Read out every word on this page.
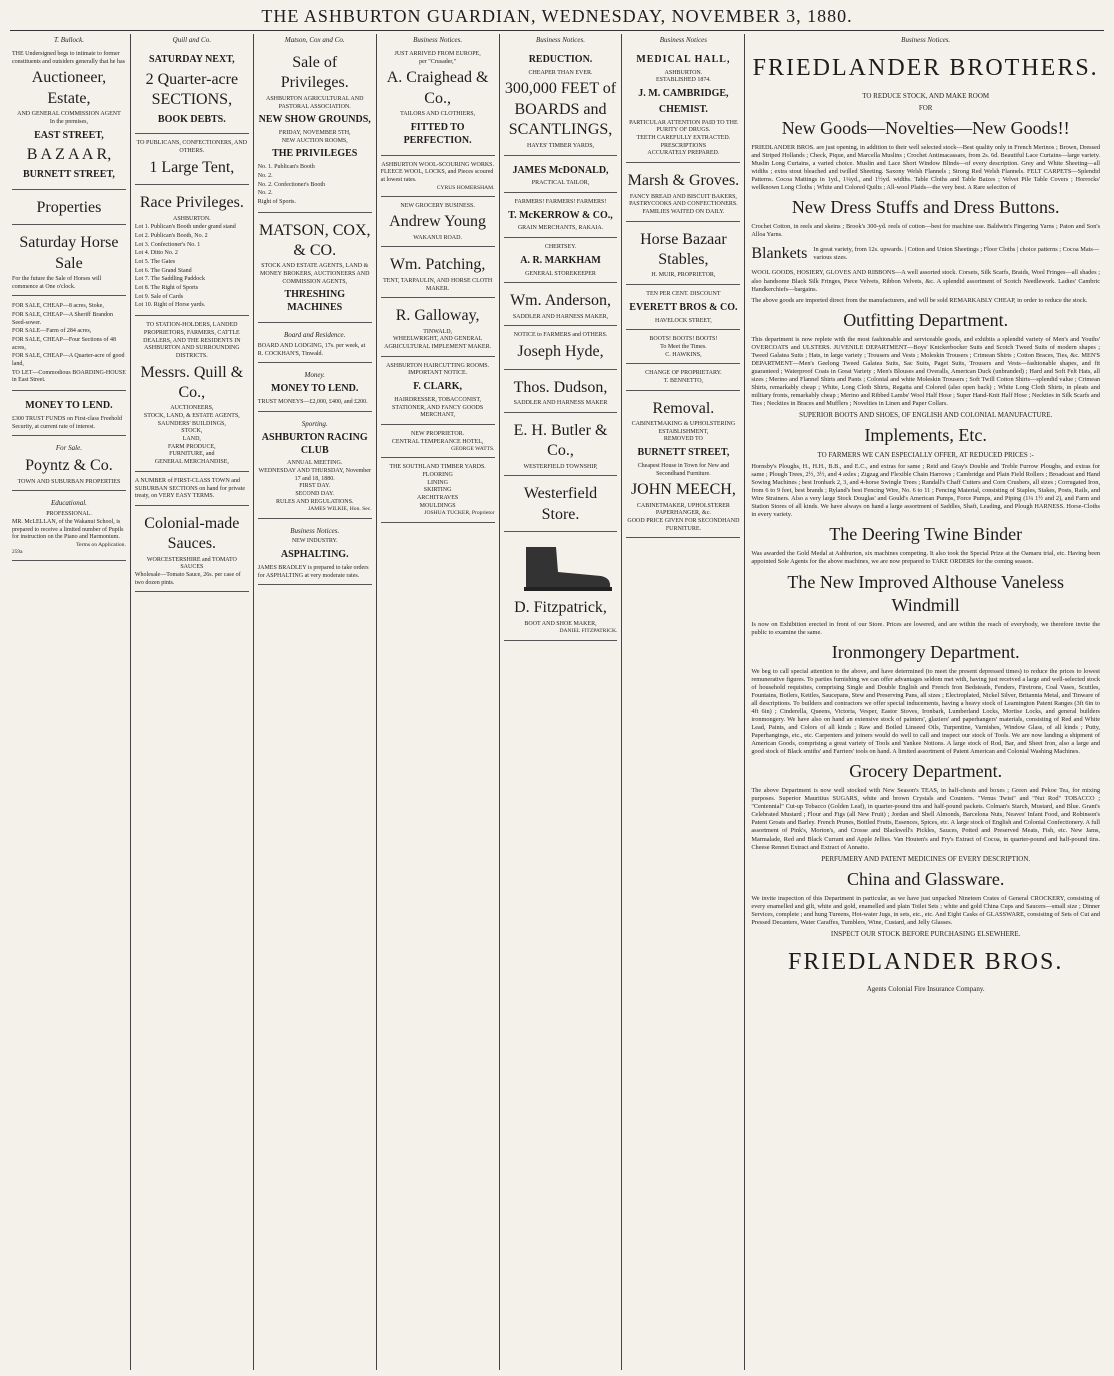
THE ASHBURTON GUARDIAN, WEDNESDAY, NOVEMBER 3, 1880.
T. Bullock.
THE Undersigned begs to intimate to former constituents and outsiders generally that he has
Auctioneer, Estate,
AND GENERAL COMMISSION AGENT
In the premises,
EAST STREET,
B A Z A A R,
BURNETT STREET,
Properties
Saturday Horse Sale
For the future the Sale of Horses will commence at One o'clock.
FOR SALE, CHEAP—8 acres, Stoke,
FOR SALE, CHEAP—A Sheriff Brandon Seed-sower.
FOR SALE—Farm of 284 acres,
FOR SALE, CHEAP—Four Sections of 48 acres,
FOR SALE, CHEAP—A Quarter-acre of good land,
TO LET—Commodious BOARDING-HOUSE in East Street.
MONEY TO LEND.
£300 TRUST FUNDS on First-class Freehold Security, at current rate of interest.
For Sale.
Poyntz & Co.
TOWN AND SUBURBAN PROPERTIES
Educational.
PROFESSIONAL.
MR. McLELLAN, of the Wakanui School, is prepared to receive a limited number of Pupils for instruction on the Piano and Harmonium.
Terms on Application.
259a
Quill and Co.
SATURDAY NEXT,
2 Quarter-acre SECTIONS,
BOOK DEBTS.
TO PUBLICANS, CONFECTIONERS, AND OTHERS.
1 Large Tent,
Race Privileges.
ASHBURTON.
Lot 1. Publican's Booth under grand stand
Lot 2. Publican's Booth, No. 2
Lot 3. Confectioner's No. 1
Lot 4. Ditto No. 2
Lot 5. The Gates
Lot 6. The Grand Stand
Lot 7. The Saddling Paddock
Lot 8. The Right of Sports
Lot 9. Sale of Cards
Lot 10. Right of Horse yards.
TO STATION-HOLDERS, LANDED PROPRIETORS, FARMERS, CATTLE DEALERS, AND THE RESIDENTS IN ASHBURTON AND SURROUNDING DISTRICTS.
Messrs. Quill & Co.,
AUCTIONEERS,
STOCK, LAND, & ESTATE AGENTS, SAUNDERS' BUILDINGS,
STOCK,
LAND,
FARM PRODUCE,
FURNITURE, and
GENERAL MERCHANDISE,
A NUMBER of FIRST-CLASS TOWN and SUBURBAN SECTIONS on hand for private treaty, on VERY EASY TERMS.
Colonial-made Sauces.
WORCESTERSHIRE and TOMATO SAUCES
Wholesale—Tomato Sauce, 26s. per case of two dozen pints.
Matson, Cox and Co.
Sale of Privileges.
ASHBURTON AGRICULTURAL AND PASTORAL ASSOCIATION.
NEW SHOW GROUNDS,
FRIDAY, NOVEMBER 5TH,
NEW AUCTION ROOMS,
THE PRIVILEGES
No. 1. Publican's Booth
No. 2.
No. 2. Confectioner's Booth
No. 2.
Right of Sports.
MATSON, COX, & CO.
STOCK AND ESTATE AGENTS, LAND & MONEY BROKERS, AUCTIONEERS AND COMMISSION AGENTS,
THRESHING MACHINES
Board and Residence.
BOARD AND LODGING, 17s. per week, at R. COCKHAN'S, Tinwald.
Money.
MONEY TO LEND.
TRUST MONEYS—£2,000, £400, and £200.
Sporting.
ASHBURTON RACING CLUB
ANNUAL MEETING.
WEDNESDAY AND THURSDAY, November 17 and 18, 1880.
FIRST DAY.
SECOND DAY.
RULES AND REGULATIONS.
JAMES WILKIE, Hon. Sec.
Business Notices.
NEW INDUSTRY.
ASPHALTING.
JAMES BRADLEY is prepared to take orders for ASPHALTING at very moderate rates.
Business Notices.
JUST ARRIVED FROM EUROPE,
per "Crusader,"
A. Craighead & Co.,
TAILORS AND CLOTHIERS,
FITTED TO PERFECTION.
ASHBURTON WOOL-SCOURING WORKS.
FLEECE WOOL, LOCKS, and Pieces scoured at lowest rates.
CYRUS HOMERSHAM.
NEW GROCERY BUSINESS.
Andrew Young
WAKANUI ROAD.
Wm. Patching,
TENT, TARPAULIN, AND HORSE CLOTH MAKER.
R. Galloway,
TINWALD,
WHEELWRIGHT, AND GENERAL AGRICULTURAL IMPLEMENT MAKER.
ASHBURTON HAIRCUTTING ROOMS.
IMPORTANT NOTICE.
F. CLARK,
HAIRDRESSER, TOBACCONIST, STATIONER, AND FANCY GOODS MERCHANT,
NEW PROPRIETOR.
CENTRAL TEMPERANCE HOTEL,
GEORGE WATTS.
THE SOUTHLAND TIMBER YARDS.
FLOORING
LINING
SKIRTING
ARCHITRAVES
MOULDINGS
JOSHUA TUCKER, Proprietor
Business Notices.
REDUCTION.
CHEAPER THAN EVER.
300,000 FEET of BOARDS and SCANTLINGS,
HAYES' TIMBER YARDS,
JAMES McDONALD,
PRACTICAL TAILOR,
FARMERS! FARMERS! FARMERS!
T. McKERROW & CO.,
GRAIN MERCHANTS, RAKAIA.
CHERTSEY.
A. R. MARKHAM
GENERAL STOREKEEPER
Wm. Anderson,
SADDLER AND HARNESS MAKER,
NOTICE to FARMERS and OTHERS.
Joseph Hyde,
Thos. Dudson,
SADDLER AND HARNESS MAKER
E. H. Butler & Co.,
WESTERFIELD TOWNSHIP,
Westerfield Store.
D. Fitzpatrick,
BOOT AND SHOE MAKER,
DANIEL FITZPATRICK.
Business Notices
MEDICAL HALL,
ASHBURTON.
ESTABLISHED 1874.
J. M. CAMBRIDGE,
CHEMIST.
PARTICULAR ATTENTION PAID TO THE PURITY OF DRUGS.
TEETH CAREFULLY EXTRACTED.
PRESCRIPTIONS
ACCURATELY PREPARED.
Marsh & Groves.
FANCY BREAD AND BISCUIT BAKERS,
PASTRYCOOKS AND CONFECTIONERS.
FAMILIES WAITED ON DAILY.
Horse Bazaar Stables,
H. MUIR, PROPRIETOR,
TEN PER CENT. DISCOUNT
EVERETT BROS & CO.
HAVELOCK STREET,
BOOTS! BOOTS! BOOTS!
To Meet the Times.
C. HAWKINS,
CHANGE OF PROPRIETARY.
T. BENNETTO,
Removal.
CABINETMAKING & UPHOLSTERING ESTABLISHMENT,
REMOVED TO
BURNETT STREET,
Cheapest House in Town for New and Secondhand Furniture.
JOHN MEECH,
CABINETMAKER, UPHOLSTERER PAPERHANGER, &c.
GOOD PRICE GIVEN FOR SECONDHAND FURNITURE.
Business Notices.
FRIEDLANDER BROTHERS.
TO REDUCE STOCK, AND MAKE ROOM
FOR
New Goods—Novelties—New Goods!!

FRIEDLANDER BROS. are just opening, in addition to their well selected stock—Best quality only in French Merinos ; Brown, Dressed and Striped Hollands ; Check, Pique, and Marcella Muslins ; Crochet Antimacassars, from 2s. 6d. Beautiful Lace Curtains—large variety. Muslin Long Curtains, a varied choice. Muslin and Lace Short Window Blinds—of every description. Grey and White Sheeting—all widths ; extra stout bleached and twilled Sheeting. Saxony Welsh Flannels ; Strong Red Welsh Flannels. FELT CARPETS—Splendid Patterns. Cocoa Mattings in 1yd., 1¼yd., and 1½yd. widths. Table Cloths and Table Baizes ; Velvet Pile Table Covers ; Horrocks' wellknown Long Cloths ; White and Colored Quilts ; All-wool Plaids—the very best. A Rare selection of

New Dress Stuffs and Dress Buttons.

Crochet Cotton, in reels and skeins ; Brook's 300-yd. reels of cotton—best for machine use. Baldwin's Fingering Yarns ; Paton and Son's Alloa Yarns.

Blankets In great variety, from 12s. upwards. | Cotton and Union Sheetings ; Floor Cloths | choice patterns ; Cocoa Mats—various sizes.

WOOL GOODS, HOSIERY, GLOVES AND RIBBONS—A well assorted stock. Corsets, Silk Scarfs, Braids, Wool Fringes—all shades ; also handsome Black Silk Fringes, Piece Velvets, Ribbon Velvets, &c. A splendid assortment of Scotch Needlework. Ladies' Cambric Handkerchiefs—bargains.

The above goods are imported direct from the manufacturers, and will be sold REMARKABLY CHEAP, in order to reduce the stock.

Outfitting Department.

This department is now replete with the most fashionable and serviceable goods, and exhibits a splendid variety of Men's and Youths' OVERCOATS and ULSTERS. JUVENILE DEPARTMENT—Boys' Knickerbocker Suits and Scotch Tweed Suits of modern shapes ; Tweed Galatea Suits ; Hats, in large variety ; Trousers and Vests ; Moleskin Trousers ; Crimean Shirts ; Cotton Braces, Ties, &c. MEN'S DEPARTMENT—Men's Geelong Tweed Galatea Suits, Sac Suits, Paget Suits, Trousers and Vests—fashionable shapes, and fit guaranteed ; Waterproof Coats in Great Variety ; Men's Blouses and Overalls, American Duck (unbranded) ; Hard and Soft Felt Hats, all sizes ; Merino and Flannel Shirts and Pants ; Colonial and white Moleskin Trousers ; Soft Twill Cotton Shirts—splendid value ; Crimean Shirts, remarkably cheap ; White, Long Cloth Shirts, Regatta and Colored (also open back) ; White Long Cloth Shirts, in pleats and military fronts, remarkably cheap ; Merino and Ribbed Lambs' Wool Half Hose ; Super Hand-Knit Half Hose ; Neckties in Silk Scarfs and Ties ; Neckties in Braces and Mufflers ; Novelties in Linen and Paper Collars.

SUPERIOR BOOTS AND SHOES, OF ENGLISH AND COLONIAL MANUFACTURE.
Implements, Etc.
TO FARMERS WE CAN ESPECIALLY OFFER, AT REDUCED PRICES :-

Hornsby's Ploughs, H., H.H., B.B., and E.C., and extras for same ; Reid and Gray's Double and Treble Furrow Ploughs, and extras for same ; Plough Trees, 2½, 3½, and 4 axles ; Zigzag and Flexible Chain Harrows ; Cambridge and Plain Field Rollers ; Broadcast and Hand Sowing Machines ; best Ironbark 2, 3, and 4-horse Swingle Trees ; Randall's Chaff Cutters and Corn Crushers, all sizes ; Corrugated Iron, from 6 to 9 feet, best brands ; Ryland's best Fencing Wire, No. 6 to 11 ; Fencing Material, consisting of Staples, Stakes, Posts, Rails, and Wire Strainers. Also a very large Stock Douglas' and Gould's American Pumps, Force Pumps, and Piping (1¼ 1½ and 2), and Farm and Station Stores of all kinds. We have always on hand a large assortment of Saddles, Shaft, Leading, and Plough HARNESS. Horse-Cloths in every variety.

The Deering Twine Binder

Was awarded the Gold Medal at Ashburton, six machines competing. It also took the Special Prize at the Oamaru trial, etc. Having been appointed Sole Agents for the above machines, we are now prepared to TAKE ORDERS for the coming season.

The New Improved Althouse Vaneless Windmill

Is now on Exhibition erected in front of our Store. Prices are lowered, and are within the reach of everybody, we therefore invite the public to examine the same.

Ironmongery Department.

We beg to call special attention to the above, and have determined (to meet the present depressed times) to reduce the prices to lowest remunerative figures. To parties furnishing we can offer advantages seldom met with, having just received a large and well-selected stock of household requisites, comprising Single and Double English and French Iron Bedsteads, Fenders, Fireirons, Coal Vases, Scuttles, Fountains, Boilers, Kettles, Saucepans, Stew and Preserving Pans, all sizes ; Electroplated, Nickel Silver, Britannia Metal, and Tinware of all descriptions. To builders and contractors we offer special inducements, having a heavy stock of Leamington Patent Ranges (3ft 6in to 4ft 6in) ; Cinderella, Queens, Victoria, Vesper, Eastor Stoves, Ironbark, Lumberland Locks, Mortise Locks, and general builders ironmongery. We have also on hand an extensive stock of painters', glaziers' and paperhangers' materials, consisting of Red and White Lead, Paints, and Colors of all kinds ; Raw and Boiled Linseed Oils, Turpentine, Varnishes, Window Glass, of all kinds ; Putty, Paperhangings, etc., etc. Carpenters and joiners would do well to call and inspect our stock of Tools. We are now landing a shipment of American Goods, comprising a great variety of Tools and Yankee Notions. A large stock of Rod, Bar, and Sheet Iron, also a large and good stock of Black smiths' and Farriers' tools on hand. A limited assortment of Patent American and Colonial Washing Machines.

Grocery Department.

The above Department is now well stocked with New Season's TEAS, in half-chests and boxes ; Green and Pekoe Tea, for mixing purposes. Superior Mauritius SUGARS, white and brown Crystals and Counters. "Venus Twist" and "Nut Rod" TOBACCO ; "Centennial" Cut-up Tobacco (Golden Leaf), in quarter-pound tins and half-pound packets. Colman's Starch, Mustard, and Blue. Grant's Celebrated Mustard ; Flour and Figs (all New Fruit) ; Jordan and Shell Almonds, Barcelona Nuts, Neaves' Infant Food, and Robinson's Patent Groats and Barley. French Prunes, Bottled Fruits, Essences, Spices, etc. A large stock of English and Colonial Confectionery. A full assortment of Pink's, Morton's, and Crosse and Blackwell's Pickles, Sauces, Potted and Preserved Meats, Fish, etc. New Jams, Marmalade, Red and Black Currant and Apple Jellies. Van Houten's and Fry's Extract of Cocoa, in quarter-pound and half-pound tins. Cheese Rennet Extract and Extract of Annatto.

PERFUMERY AND PATENT MEDICINES OF EVERY DESCRIPTION.
China and Glassware.

We invite inspection of this Department in particular, as we have just unpacked Nineteen Crates of General CROCKERY, consisting of every enamelled and gilt, white and gold, enamelled and plain Toilet Sets ; white and gold China Cups and Saucers—small size ; Dinner Services, complete ; and hung Tureens, Hot-water Jugs, in sets, etc., etc. And Eight Casks of GLASSWARE, consisting of Sets of Cut and Pressed Decanters, Water Caraffes, Tumblers, Wine, Custard, and Jelly Glasses.

INSPECT OUR STOCK BEFORE PURCHASING ELSEWHERE.
FRIEDLANDER BROS.
Agents Colonial Fire Insurance Company.
